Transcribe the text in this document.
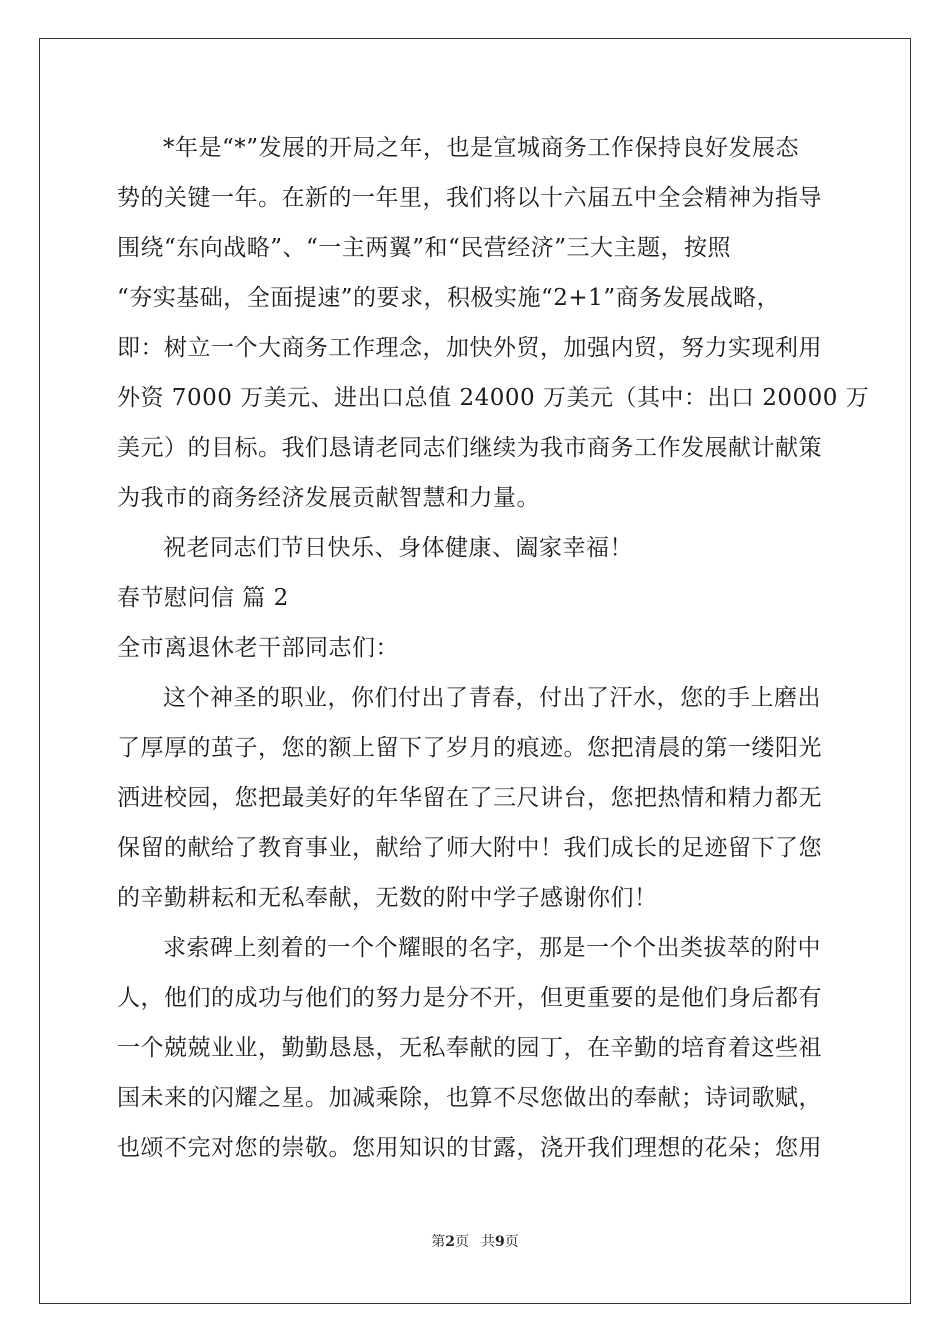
*年是“*”发展的开局之年，也是宣城商务工作保持良好发展态
势的关键一年。在新的一年里，我们将以十六届五中全会精神为指导
围绕“东向战略”、“一主两翼”和“民营经济”三大主题，按照
“夯实基础，全面提速”的要求，积极实施“2+1”商务发展战略，
即：树立一个大商务工作理念，加快外贸，加强内贸，努力实现利用
外资 7000 万美元、进出口总值 24000 万美元（其中：出口 20000 万
美元）的目标。我们恳请老同志们继续为我市商务工作发展献计献策
为我市的商务经济发展贡献智慧和力量。
祝老同志们节日快乐、身体健康、阖家幸福！
春节慰问信 篇 2
全市离退休老干部同志们：
这个神圣的职业，你们付出了青春，付出了汗水，您的手上磨出
了厚厚的茧子，您的额上留下了岁月的痕迹。您把清晨的第一缕阳光
洒进校园，您把最美好的年华留在了三尺讲台，您把热情和精力都无
保留的献给了教育事业，献给了师大附中！我们成长的足迹留下了您
的辛勤耕耘和无私奉献，无数的附中学子感谢你们！
求索碑上刻着的一个个耀眼的名字，那是一个个出类拔萃的附中
人，他们的成功与他们的努力是分不开，但更重要的是他们身后都有
一个兢兢业业，勤勤恳恳，无私奉献的园丁，在辛勤的培育着这些祖
国未来的闪耀之星。加减乘除，也算不尽您做出的奉献；诗词歌赋，
也颂不完对您的崇敬。您用知识的甘露，浇开我们理想的花朵；您用
第2页 共9页
